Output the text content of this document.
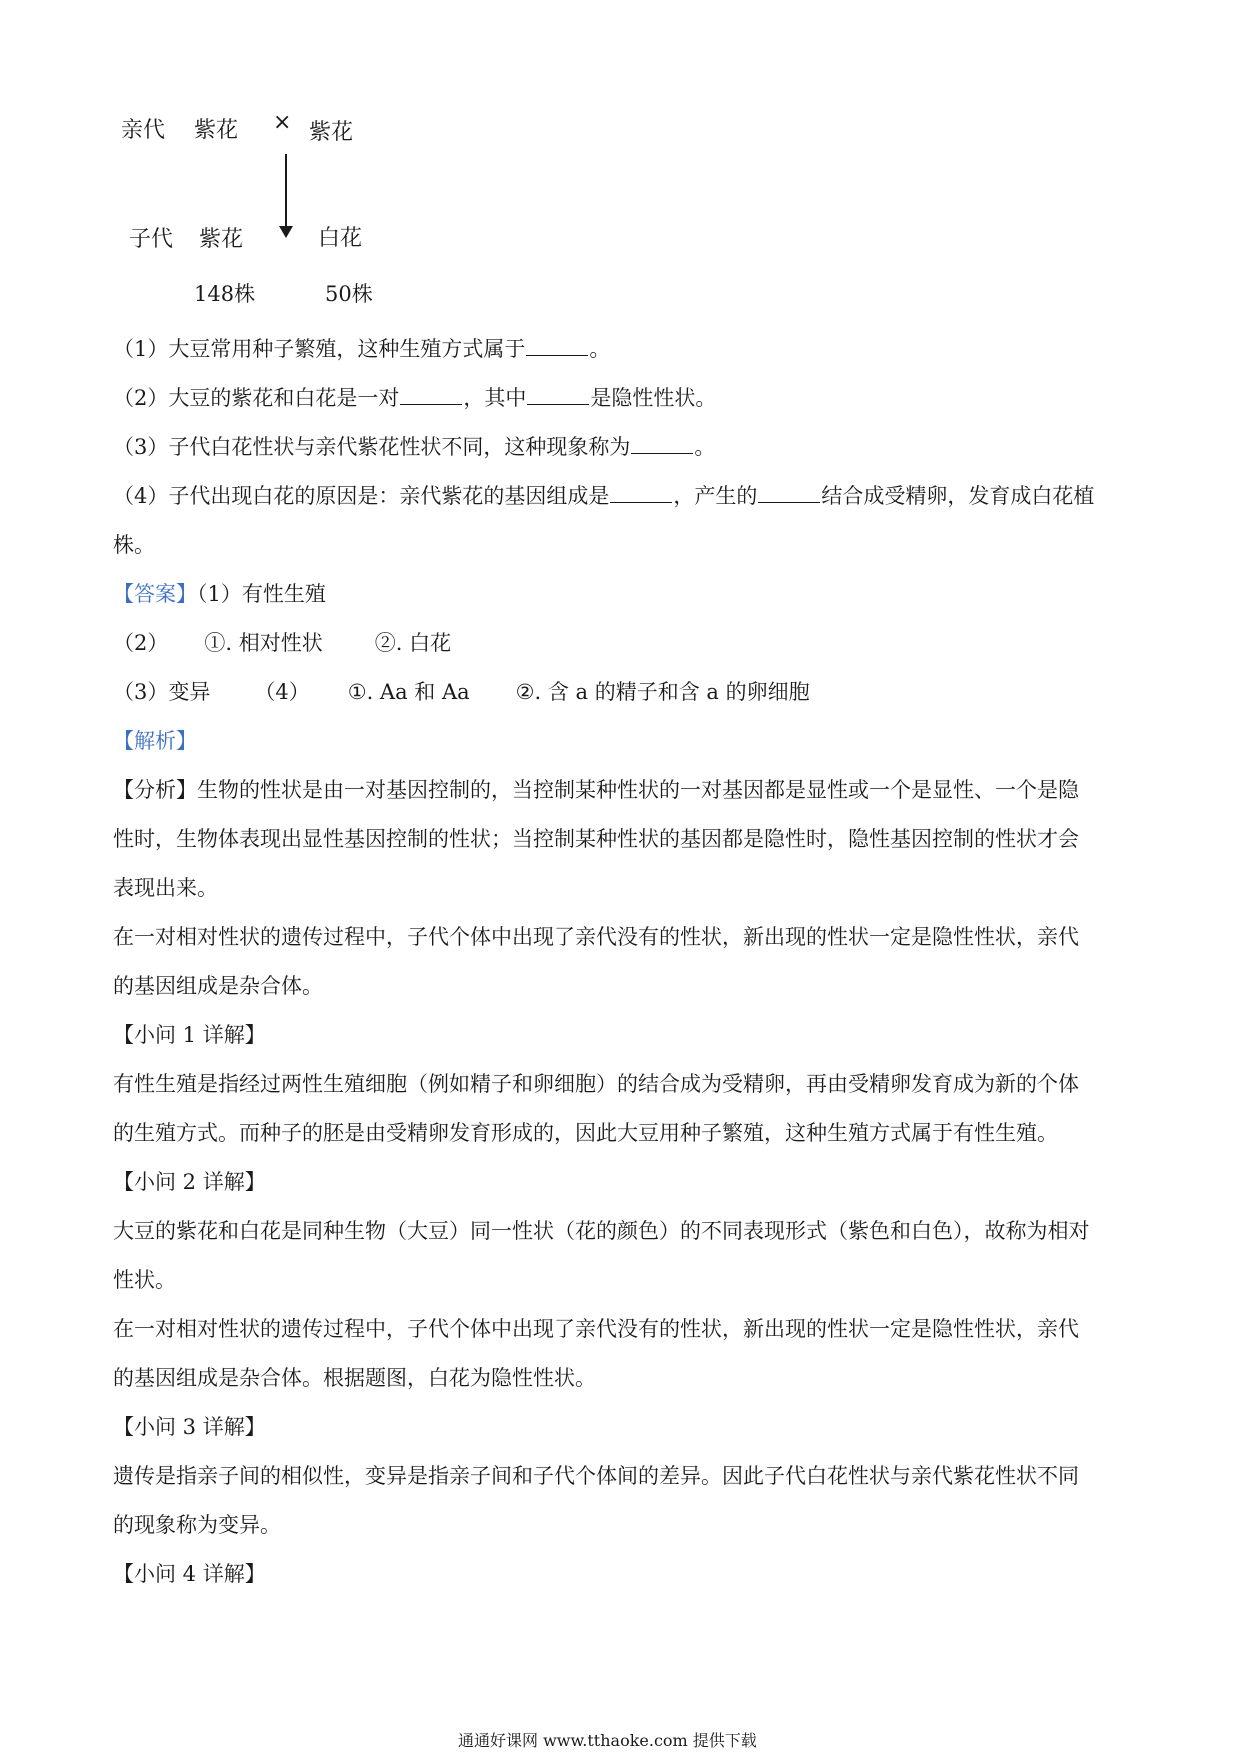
亲代 紫花 × 紫花
子代 紫花	白花
148株	50株
（1）大豆常用种子繁殖，这种生殖方式属于	。
（2）大豆的紫花和白花是一对	，其中	是隐性性状。
（3）子代白花性状与亲代紫花性状不同，这种现象称为	。
（4）子代出现白花的原因是：亲代紫花的基因组成是	，产生的	结合成受精卵，发育成白花植
株。
【答案】（1）有性生殖
（2） ①. 相对性状 ②. 白花
（3）变异 （4） ①. Aa 和 Aa ②. 含 a 的精子和含 a 的卵细胞
【解析】
【分析】生物的性状是由一对基因控制的，当控制某种性状的一对基因都是显性或一个是显性、一个是隐
性时，生物体表现出显性基因控制的性状；当控制某种性状的基因都是隐性时，隐性基因控制的性状才会
表现出来。
在一对相对性状的遗传过程中，子代个体中出现了亲代没有的性状，新出现的性状一定是隐性性状，亲代
的基因组成是杂合体。
【小问 1 详解】
有性生殖是指经过两性生殖细胞（例如精子和卵细胞）的结合成为受精卵，再由受精卵发育成为新的个体
的生殖方式。而种子的胚是由受精卵发育形成的，因此大豆用种子繁殖，这种生殖方式属于有性生殖。
【小问 2 详解】
大豆的紫花和白花是同种生物（大豆）同一性状（花的颜色）的不同表现形式（紫色和白色），故称为相对
性状。
在一对相对性状的遗传过程中，子代个体中出现了亲代没有的性状，新出现的性状一定是隐性性状，亲代
的基因组成是杂合体。根据题图，白花为隐性性状。
【小问 3 详解】
遗传是指亲子间的相似性，变异是指亲子间和子代个体间的差异。因此子代白花性状与亲代紫花性状不同
的现象称为变异。
【小问 4 详解】
通通好课网 www.tthaoke.com 提供下载
